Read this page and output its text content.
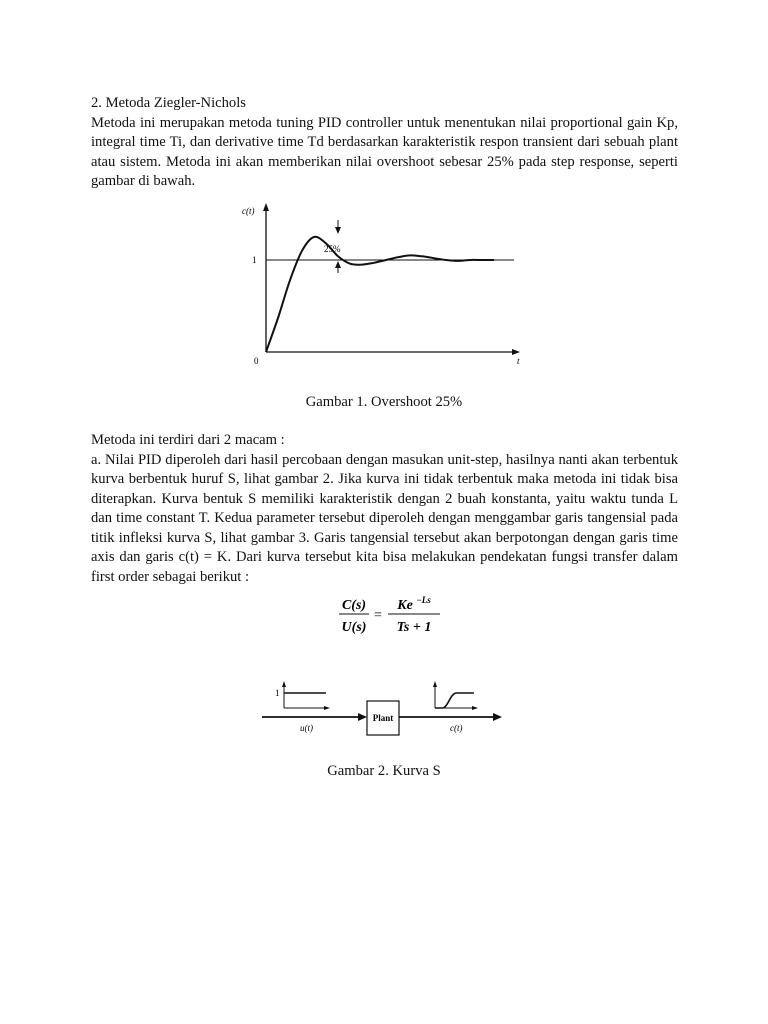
2. Metoda Ziegler-Nichols

Metoda ini merupakan metoda tuning PID controller untuk menentukan nilai proportional gain Kp, integral time Ti, dan derivative time Td berdasarkan karakteristik respon transient dari sebuah plant atau sistem. Metoda ini akan memberikan nilai overshoot sebesar 25% pada step response, seperti gambar di bawah.

c(t)
1
0	t
25%
Gambar 1. Overshoot 25%

Metoda ini terdiri dari 2 macam :

a. Nilai PID diperoleh dari hasil percobaan dengan masukan unit-step, hasilnya nanti akan terbentuk kurva berbentuk huruf S, lihat gambar 2. Jika kurva ini tidak terbentuk maka metoda ini tidak bisa diterapkan. Kurva bentuk S memiliki karakteristik dengan 2 buah konstanta, yaitu waktu tunda L dan time constant T. Kedua parameter tersebut diperoleh dengan menggambar garis tangensial pada titik infleksi kurva S, lihat gambar 3. Garis tangensial tersebut akan berpotongan dengan garis time axis dan garis c(t) = K. Dari kurva tersebut kita bisa melakukan pendekatan fungsi transfer dalam first order sebagai berikut :

C(s)
U(s)
=
Ke $^{-Ls}$
Ts + 1
1
u(t)
Plant
c(t)
Gambar 2. Kurva S
